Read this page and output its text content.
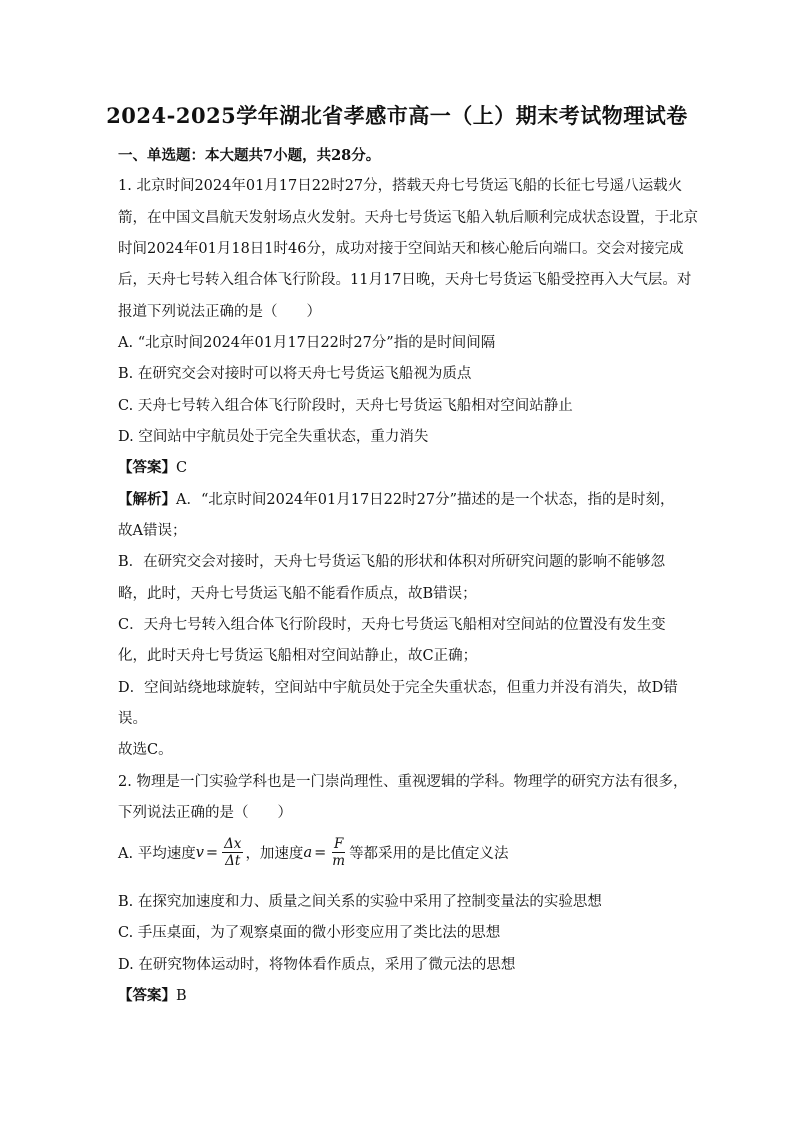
2024-2025学年湖北省孝感市高一（上）期末考试物理试卷
一、单选题：本大题共7小题，共28分。
1. 北京时间2024年01月17日22时27分，搭载天舟七号货运飞船的长征七号遥八运载火
箭，在中国文昌航天发射场点火发射。天舟七号货运飞船入轨后顺利完成状态设置，于北京
时间2024年01月18日1时46分，成功对接于空间站天和核心舱后向端口。交会对接完成
后，天舟七号转入组合体飞行阶段。11月17日晚，天舟七号货运飞船受控再入大气层。对
报道下列说法正确的是（　　）
A. “北京时间2024年01月17日22时27分”指的是时间间隔
B. 在研究交会对接时可以将天舟七号货运飞船视为质点
C. 天舟七号转入组合体飞行阶段时，天舟七号货运飞船相对空间站静止
D. 空间站中宇航员处于完全失重状态，重力消失
【答案】C
【解析】A．“北京时间2024年01月17日22时27分”描述的是一个状态，指的是时刻，
故A错误；
B．在研究交会对接时，天舟七号货运飞船的形状和体积对所研究问题的影响不能够忽
略，此时，天舟七号货运飞船不能看作质点，故B错误；
C．天舟七号转入组合体飞行阶段时，天舟七号货运飞船相对空间站的位置没有发生变
化，此时天舟七号货运飞船相对空间站静止，故C正确；
D．空间站绕地球旋转，空间站中宇航员处于完全失重状态，但重力并没有消失，故D错
误。
故选C。
2. 物理是一门实验学科也是一门崇尚理性、重视逻辑的学科。物理学的研究方法有很多，
下列说法正确的是（　　）
A. 平均速度 $v = \frac{\Delta x}{\Delta t}$ ，加速度 $a = \frac{F}{m}$ 等都采用的是比值定义法
B. 在探究加速度和力、质量之间关系的实验中采用了控制变量法的实验思想
C. 手压桌面，为了观察桌面的微小形变应用了类比法的思想
D. 在研究物体运动时，将物体看作质点，采用了微元法的思想
【答案】B
